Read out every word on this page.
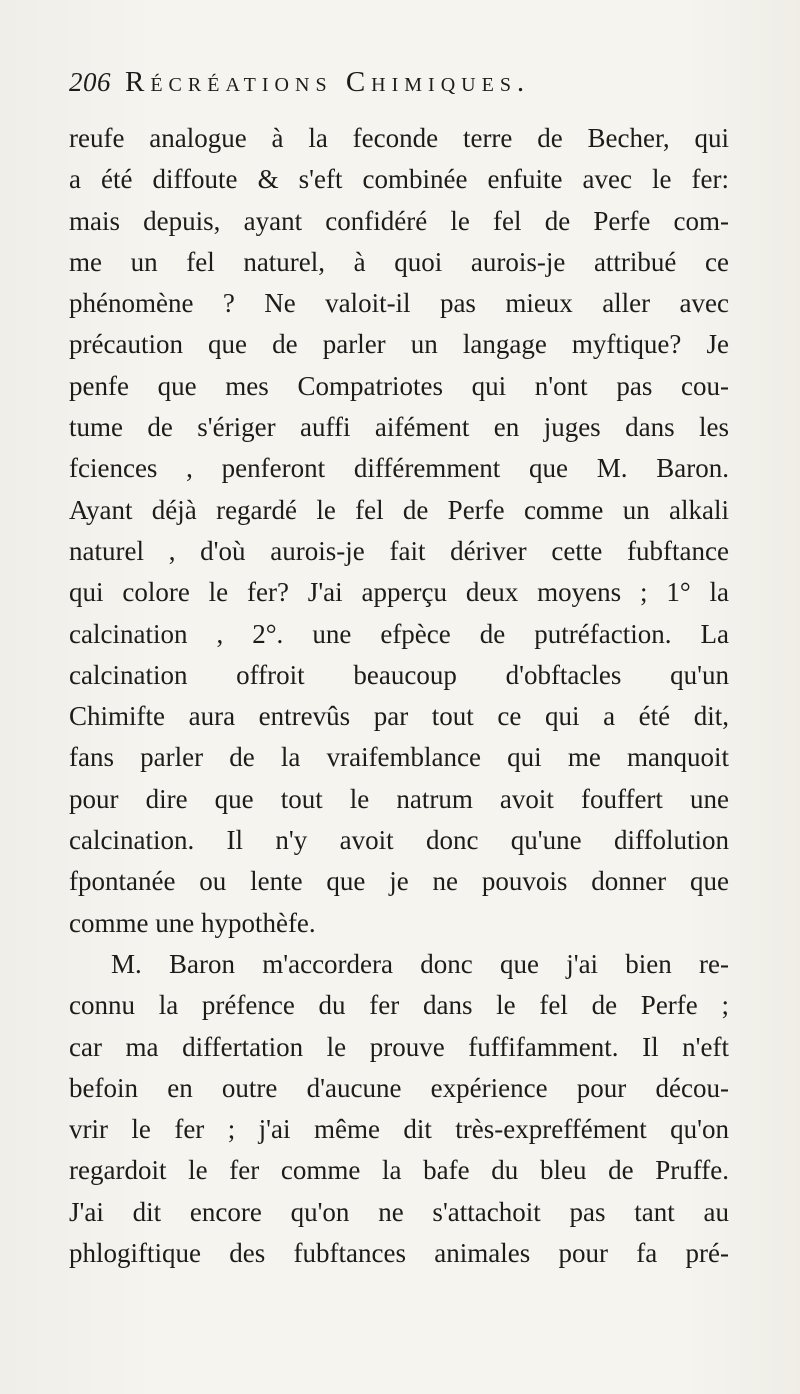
206 Récréations Chimiques.
reufe analogue à la feconde terre de Becher, qui
a été diffoute & s'eft combinée enfuite avec le fer:
mais depuis, ayant confidéré le fel de Perfe com-
me un fel naturel, à quoi aurois-je attribué ce
phénomène ? Ne valoit-il pas mieux aller avec
précaution que de parler un langage myftique? Je
penfe que mes Compatriotes qui n'ont pas cou-
tume de s'ériger auffi aifément en juges dans les
fciences , penferont différemment que M. Baron.
Ayant déjà regardé le fel de Perfe comme un alkali
naturel , d'où aurois-je fait dériver cette fubftance
qui colore le fer? J'ai apperçu deux moyens ; 1° la
calcination , 2°. une efpèce de putréfaction. La
calcination offroit beaucoup d'obftacles qu'un
Chimifte aura entrevûs par tout ce qui a été dit,
fans parler de la vraifemblance qui me manquoit
pour dire que tout le natrum avoit fouffert une
calcination. Il n'y avoit donc qu'une diffolution
fpontanée ou lente que je ne pouvois donner que
comme une hypothèfe.
M. Baron m'accordera donc que j'ai bien re-
connu la préfence du fer dans le fel de Perfe ;
car ma differtation le prouve fuffifamment. Il n'eft
befoin en outre d'aucune expérience pour décou-
vrir le fer ; j'ai même dit très-expreffément qu'on
regardoit le fer comme la bafe du bleu de Pruffe.
J'ai dit encore qu'on ne s'attachoit pas tant au
phlogiftique des fubftances animales pour fa pré-
